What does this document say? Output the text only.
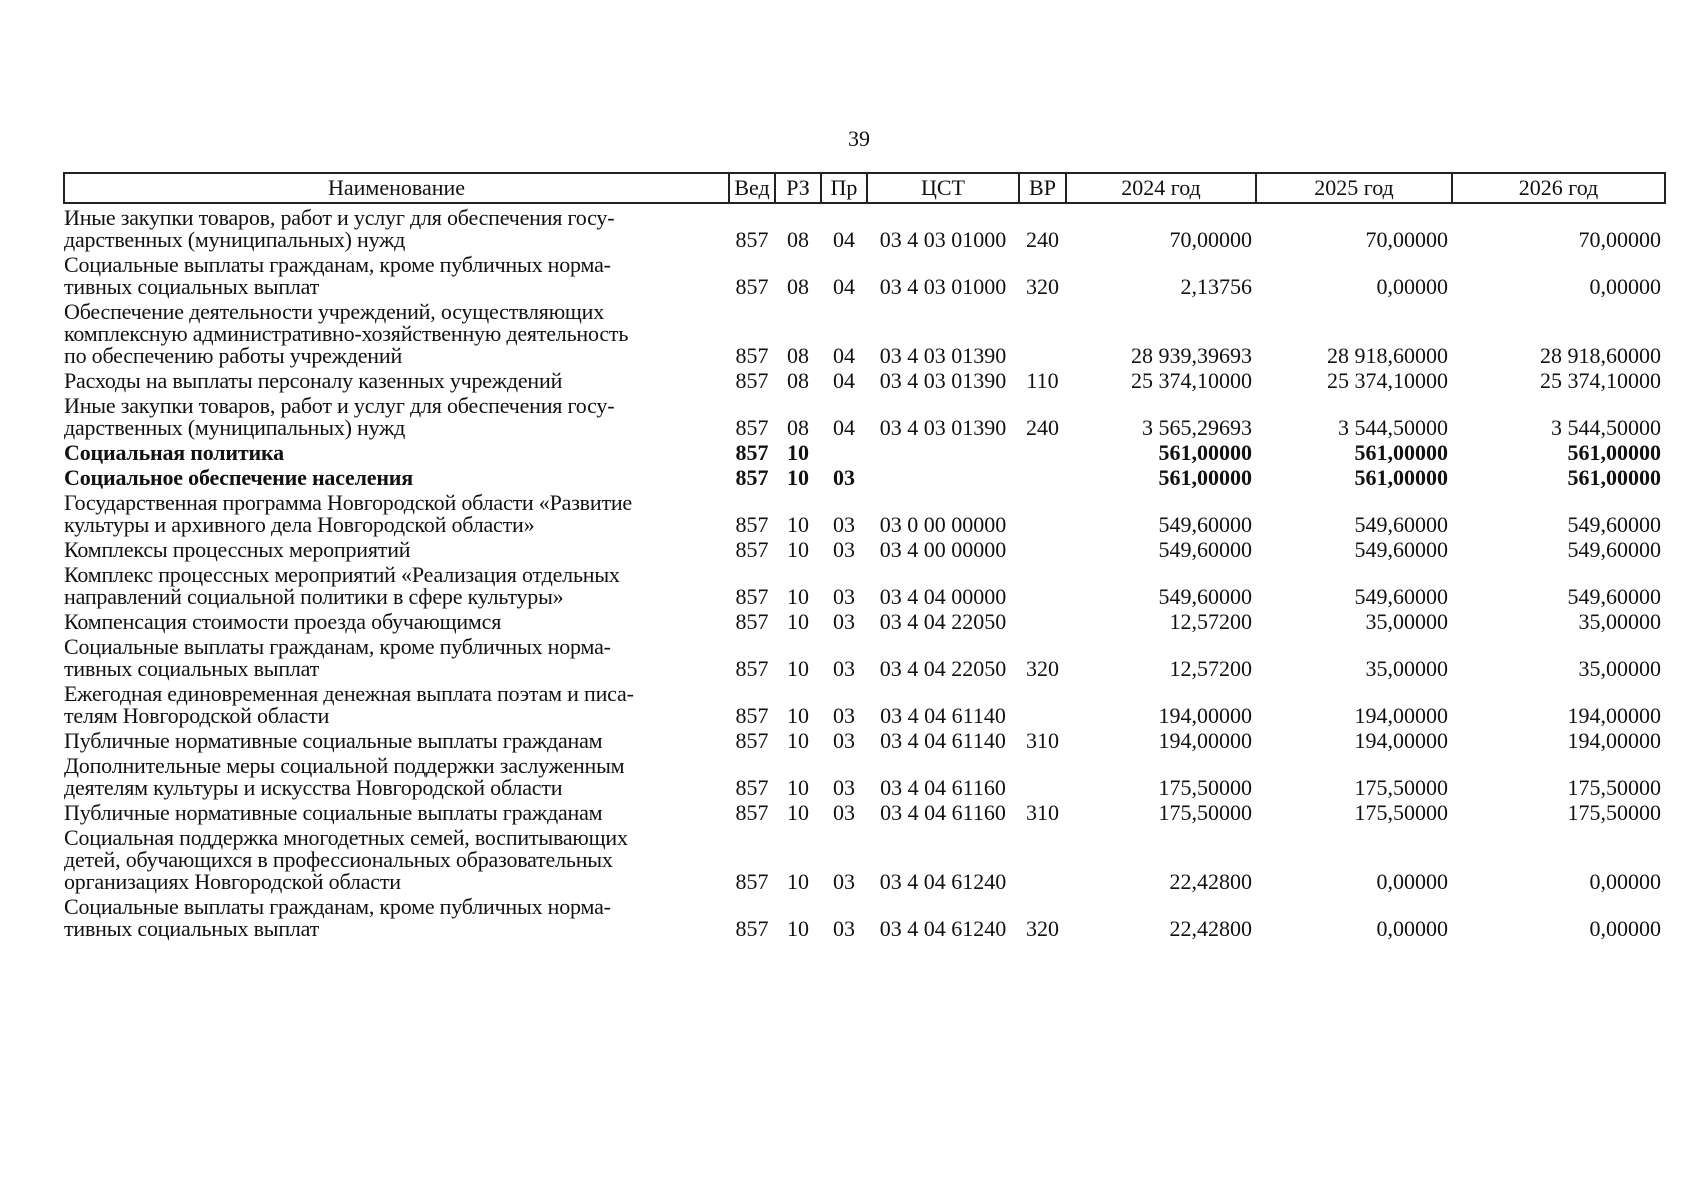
39
Наименование	Вед	РЗ	Пр	ЦСТ	ВР	2024 год	2025 год	2026 год
Иные закупки товаров, работ и услуг для обеспечения госу-
дарственных (муниципальных) нужд	857	08	04	03 4 03 01000	240	70,00000	70,00000	70,00000
Социальные выплаты гражданам, кроме публичных норма-
тивных социальных выплат	857	08	04	03 4 03 01000	320	2,13756	0,00000	0,00000
Обеспечение деятельности учреждений, осуществляющих
комплексную административно-хозяйственную деятельность
по обеспечению работы учреждений	857	08	04	03 4 03 01390		28 939,39693	28 918,60000	28 918,60000
Расходы на выплаты персоналу казенных учреждений	857	08	04	03 4 03 01390	110	25 374,10000	25 374,10000	25 374,10000
Иные закупки товаров, работ и услуг для обеспечения госу-
дарственных (муниципальных) нужд	857	08	04	03 4 03 01390	240	3 565,29693	3 544,50000	3 544,50000
Социальная политика	857	10				561,00000	561,00000	561,00000
Социальное обеспечение населения	857	10	03			561,00000	561,00000	561,00000
Государственная программа Новгородской области «Развитие
культуры и архивного дела Новгородской области»	857	10	03	03 0 00 00000		549,60000	549,60000	549,60000
Комплексы процессных мероприятий	857	10	03	03 4 00 00000		549,60000	549,60000	549,60000
Комплекс процессных мероприятий «Реализация отдельных
направлений социальной политики в сфере культуры»	857	10	03	03 4 04 00000		549,60000	549,60000	549,60000
Компенсация стоимости проезда обучающимся	857	10	03	03 4 04 22050		12,57200	35,00000	35,00000
Социальные выплаты гражданам, кроме публичных норма-
тивных социальных выплат	857	10	03	03 4 04 22050	320	12,57200	35,00000	35,00000
Ежегодная единовременная денежная выплата поэтам и писа-
телям Новгородской области	857	10	03	03 4 04 61140		194,00000	194,00000	194,00000
Публичные нормативные социальные выплаты гражданам	857	10	03	03 4 04 61140	310	194,00000	194,00000	194,00000
Дополнительные меры социальной поддержки заслуженным
деятелям культуры и искусства Новгородской области	857	10	03	03 4 04 61160		175,50000	175,50000	175,50000
Публичные нормативные социальные выплаты гражданам	857	10	03	03 4 04 61160	310	175,50000	175,50000	175,50000
Социальная поддержка многодетных семей, воспитывающих
детей, обучающихся в профессиональных образовательных
организациях Новгородской области	857	10	03	03 4 04 61240		22,42800	0,00000	0,00000
Социальные выплаты гражданам, кроме публичных норма-
тивных социальных выплат	857	10	03	03 4 04 61240	320	22,42800	0,00000	0,00000
